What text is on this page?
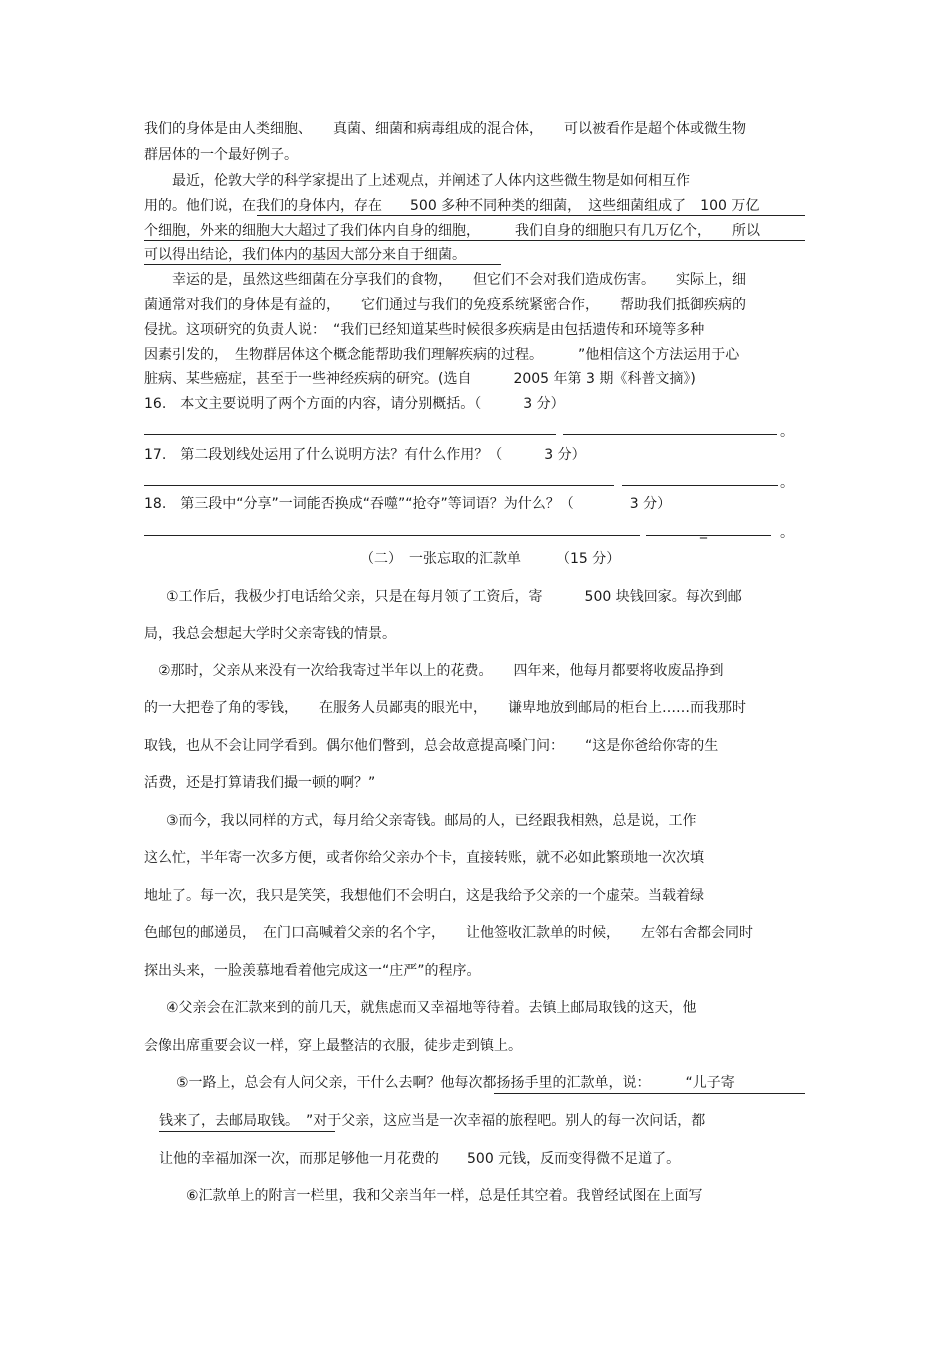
我们的身体是由人类细胞、　　真菌、细菌和病毒组成的混合体，　　可以被看作是超个体或微生物
群居体的一个最好例子。
　　最近，伦敦大学的科学家提出了上述观点，并阐述了人体内这些微生物是如何相互作
用的。他们说，在我们的身体内，存在　　500 多种不同种类的细菌，　这些细菌组成了　100 万亿
个细胞，外来的细胞大大超过了我们体内自身的细胞，　　　我们自身的细胞只有几万亿个，　　所以
可以得出结论，我们体内的基因大部分来自于细菌。
　　幸运的是，虽然这些细菌在分享我们的食物，　　但它们不会对我们造成伤害。　　实际上，细
菌通常对我们的身体是有益的，　　它们通过与我们的免疫系统紧密合作，　　帮助我们抵御疾病的
侵扰。这项研究的负责人说：　“我们已经知道某些时候很多疾病是由包括遗传和环境等多种
因素引发的，　生物群居体这个概念能帮助我们理解疾病的过程。　　　”他相信这个方法运用于心
脏病、某些癌症，甚至于一些神经疾病的研究。(选自　　　2005 年第 3 期《科普文摘》)
16.　本文主要说明了两个方面的内容，请分别概括。（　　　3 分）
。
17.　第二段划线处运用了什么说明方法？有什么作用？（　　　3 分）
。
18.　第三段中“分享”一词能否换成“吞噬”“抢夺”等词语？为什么？（　　　　3 分）
_	。
（二）　一张忘取的汇款单　　　（15 分）
①工作后，我极少打电话给父亲，只是在每月领了工资后，寄　　　500 块钱回家。每次到邮
局，我总会想起大学时父亲寄钱的情景。
②那时，父亲从来没有一次给我寄过半年以上的花费。　　四年来，他每月都要将收废品挣到
的一大把卷了角的零钱，　　在服务人员鄙夷的眼光中，　　谦卑地放到邮局的柜台上……而我那时
取钱，也从不会让同学看到。偶尔他们瞥到，总会故意提高嗓门问：　　“这是你爸给你寄的生
活费，还是打算请我们撮一顿的啊？”
③而今，我以同样的方式，每月给父亲寄钱。邮局的人，已经跟我相熟，总是说，工作
这么忙，半年寄一次多方便，或者你给父亲办个卡，直接转账，就不必如此繁琐地一次次填
地址了。每一次，我只是笑笑，我想他们不会明白，这是我给予父亲的一个虚荣。当载着绿
色邮包的邮递员，　在门口高喊着父亲的名个字，　　让他签收汇款单的时候，　　左邻右舍都会同时
探出头来，一脸羡慕地看着他完成这一“庄严”的程序。
④父亲会在汇款来到的前几天，就焦虑而又幸福地等待着。去镇上邮局取钱的这天，他
会像出席重要会议一样，穿上最整洁的衣服，徒步走到镇上。
⑤一路上，总会有人问父亲，干什么去啊？他每次都扬扬手里的汇款单，说：　　　“儿子寄
钱来了，去邮局取钱。　”对于父亲，这应当是一次幸福的旅程吧。别人的每一次问话，都
让他的幸福加深一次，而那足够他一月花费的　　500 元钱，反而变得微不足道了。
⑥汇款单上的附言一栏里，我和父亲当年一样，总是任其空着。我曾经试图在上面写
